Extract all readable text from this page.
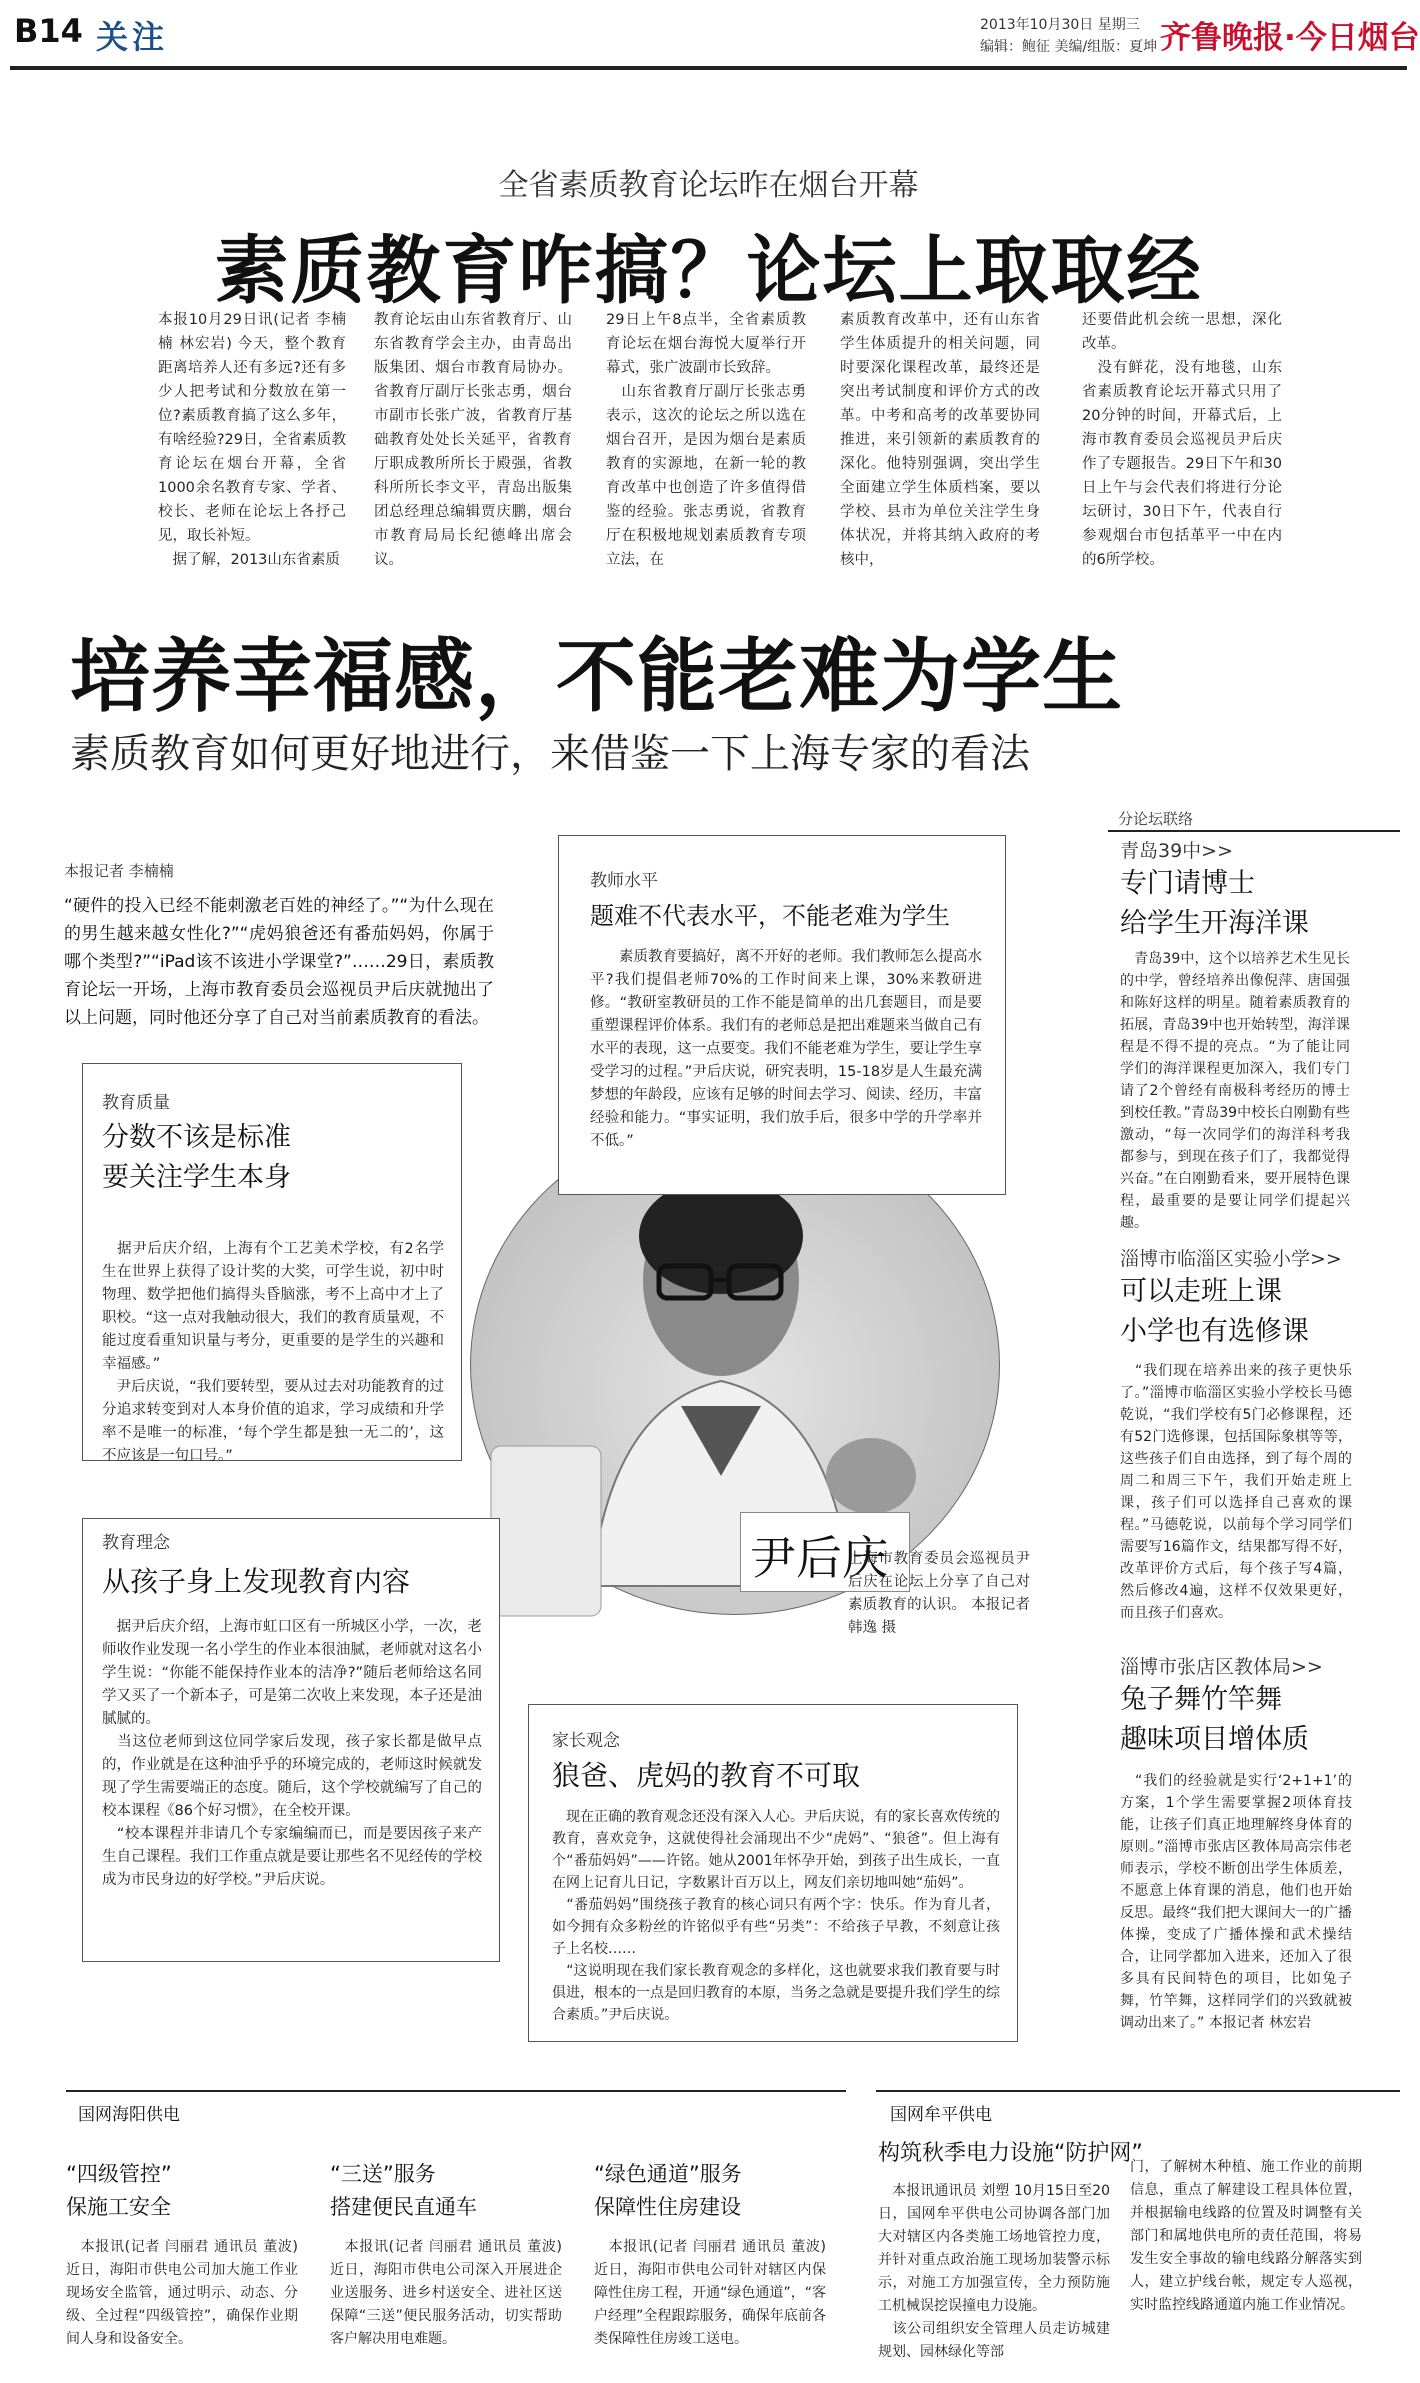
B14 关注	2013年10月30日 星期三
编辑：鲍征 美编/组版：夏坤 齐鲁晚报·今日烟台
全省素质教育论坛昨在烟台开幕
素质教育咋搞？论坛上取取经
本报10月29日讯(记者 李楠楠 林宏岩) 今天，整个教育距离培养人还有多远?还有多少人把考试和分数放在第一位?素质教育搞了这么多年，有啥经验?29日，全省素质教育论坛在烟台开幕，全省1000余名教育专家、学者、校长、老师在论坛上各抒己见，取长补短。
　据了解，2013山东省素质
教育论坛由山东省教育厅、山东省教育学会主办，由青岛出版集团、烟台市教育局协办。省教育厅副厅长张志勇，烟台市副市长张广波，省教育厅基础教育处处长关延平，省教育厅职成教所所长于殿强，省教科所所长李文平，青岛出版集团总经理总编辑贾庆鹏，烟台市教育局局长纪德峰出席会议。
29日上午8点半，全省素质教育论坛在烟台海悦大厦举行开幕式，张广波副市长致辞。
　山东省教育厅副厅长张志勇表示，这次的论坛之所以选在烟台召开，是因为烟台是素质教育的实源地，在新一轮的教育改革中也创造了许多值得借鉴的经验。张志勇说，省教育厅在积极地规划素质教育专项立法，在
素质教育改革中，还有山东省学生体质提升的相关问题，同时要深化课程改革，最终还是突出考试制度和评价方式的改革。中考和高考的改革要协同推进，来引领新的素质教育的深化。他特别强调，突出学生全面建立学生体质档案，要以学校、县市为单位关注学生身体状况，并将其纳入政府的考核中，
还要借此机会统一思想，深化改革。
　没有鲜花，没有地毯，山东省素质教育论坛开幕式只用了20分钟的时间，开幕式后，上海市教育委员会巡视员尹后庆作了专题报告。29日下午和30日上午与会代表们将进行分论坛研讨，30日下午，代表自行参观烟台市包括革平一中在内的6所学校。
培养幸福感，不能老难为学生
素质教育如何更好地进行，来借鉴一下上海专家的看法
本报记者 李楠楠
“硬件的投入已经不能刺激老百姓的神经了。”“为什么现在的男生越来越女性化?”“虎妈狼爸还有番茄妈妈，你属于哪个类型?”“iPad该不该进小学课堂?”……29日，素质教育论坛一开场，上海市教育委员会巡视员尹后庆就抛出了以上问题，同时他还分享了自己对当前素质教育的看法。
尹后庆
上海市教育委员会巡视员尹后庆在论坛上分享了自己对素质教育的认识。 本报记者 韩逸 摄
教师水平
题难不代表水平，不能老难为学生
素质教育要搞好，离不开好的老师。我们教师怎么提高水平?我们提倡老师70%的工作时间来上课，30%来教研进修。“教研室教研员的工作不能是简单的出几套题目，而是要重塑课程评价体系。我们有的老师总是把出难题来当做自己有水平的表现，这一点要变。我们不能老难为学生，要让学生享受学习的过程。”尹后庆说，研究表明，15-18岁是人生最充满梦想的年龄段，应该有足够的时间去学习、阅读、经历，丰富经验和能力。“事实证明，我们放手后，很多中学的升学率并不低。”
教育质量
分数不该是标准
要关注学生本身
　据尹后庆介绍，上海有个工艺美术学校，有2名学生在世界上获得了设计奖的大奖，可学生说，初中时物理、数学把他们搞得头昏脑涨，考不上高中才上了职校。“这一点对我触动很大，我们的教育质量观，不能过度看重知识量与考分，更重要的是学生的兴趣和幸福感。”
　尹后庆说，“我们要转型，要从过去对功能教育的过分追求转变到对人本身价值的追求，学习成绩和升学率不是唯一的标准，‘每个学生都是独一无二的’，这不应该是一句口号。”
教育理念
从孩子身上发现教育内容
　据尹后庆介绍，上海市虹口区有一所城区小学，一次，老师收作业发现一名小学生的作业本很油腻，老师就对这名小学生说：“你能不能保持作业本的洁净?”随后老师给这名同学又买了一个新本子，可是第二次收上来发现，本子还是油腻腻的。
　当这位老师到这位同学家后发现，孩子家长都是做早点的，作业就是在这种油乎乎的环境完成的，老师这时候就发现了学生需要端正的态度。随后，这个学校就编写了自己的校本课程《86个好习惯》，在全校开课。
　“校本课程并非请几个专家编编而已，而是要因孩子来产生自己课程。我们工作重点就是要让那些名不见经传的学校成为市民身边的好学校。”尹后庆说。
家长观念
狼爸、虎妈的教育不可取
　现在正确的教育观念还没有深入人心。尹后庆说，有的家长喜欢传统的教育，喜欢竞争，这就使得社会涌现出不少“虎妈”、“狼爸”。但上海有个“番茄妈妈”——许铭。她从2001年怀孕开始，到孩子出生成长，一直在网上记育儿日记，字数累计百万以上，网友们亲切地叫她“茄妈”。
　“番茄妈妈”围绕孩子教育的核心词只有两个字：快乐。作为育儿者，如今拥有众多粉丝的许铭似乎有些“另类”：不给孩子早教，不刻意让孩子上名校……
　“这说明现在我们家长教育观念的多样化，这也就要求我们教育要与时俱进，根本的一点是回归教育的本原，当务之急就是要提升我们学生的综合素质。”尹后庆说。
分论坛联络
青岛39中>>
专门请博士
给学生开海洋课
　青岛39中，这个以培养艺术生见长的中学，曾经培养出像倪萍、唐国强和陈好这样的明星。随着素质教育的拓展，青岛39中也开始转型，海洋课程是不得不提的亮点。“为了能让同学们的海洋课程更加深入，我们专门请了2个曾经有南极科考经历的博士到校任教。”青岛39中校长白刚勤有些激动，“每一次同学们的海洋科考我都参与，到现在孩子们了，我都觉得兴奋。”在白刚勤看来，要开展特色课程，最重要的是要让同学们提起兴趣。
淄博市临淄区实验小学>>
可以走班上课
小学也有选修课
　“我们现在培养出来的孩子更快乐了。”淄博市临淄区实验小学校长马德乾说，“我们学校有5门必修课程，还有52门选修课，包括国际象棋等等，这些孩子们自由选择，到了每个周的周二和周三下午，我们开始走班上课，孩子们可以选择自己喜欢的课程。”马德乾说，以前每个学习同学们需要写16篇作文，结果都写得不好，改革评价方式后，每个孩子写4篇，然后修改4遍，这样不仅效果更好，而且孩子们喜欢。
淄博市张店区教体局>>
兔子舞竹竿舞
趣味项目增体质
　“我们的经验就是实行‘2+1+1’的方案，1个学生需要掌握2项体育技能，让孩子们真正地理解终身体育的原则。”淄博市张店区教体局高宗伟老师表示，学校不断创出学生体质差，不愿意上体育课的消息，他们也开始反思。最终“我们把大课间大一的广播体操，变成了广播体操和武术操结合，让同学都加入进来，还加入了很多具有民间特色的项目，比如兔子舞，竹竿舞，这样同学们的兴致就被调动出来了。” 本报记者 林宏岩
国网海阳供电
“四级管控”
保施工安全
　本报讯(记者 闫丽君 通讯员 董波) 近日，海阳市供电公司加大施工作业现场安全监管，通过明示、动态、分级、全过程“四级管控”，确保作业期间人身和设备安全。
“三送”服务
搭建便民直通车
　本报讯(记者 闫丽君 通讯员 董波) 近日，海阳市供电公司深入开展进企业送服务、进乡村送安全、进社区送保障“三送”便民服务活动，切实帮助客户解决用电难题。
“绿色通道”服务
保障性住房建设
　本报讯(记者 闫丽君 通讯员 董波) 近日，海阳市供电公司针对辖区内保障性住房工程，开通“绿色通道”，“客户经理”全程跟踪服务，确保年底前各类保障性住房竣工送电。
国网牟平供电
构筑秋季电力设施“防护网”
　本报讯通讯员 刘塑 10月15日至20日，国网牟平供电公司协调各部门加大对辖区内各类施工场地管控力度，并针对重点政治施工现场加装警示标示，对施工方加强宣传，全力预防施工机械误挖误撞电力设施。
　该公司组织安全管理人员走访城建规划、园林绿化等部
门，了解树木种植、施工作业的前期信息，重点了解建设工程具体位置，并根据输电线路的位置及时调整有关部门和属地供电所的责任范围，将易发生安全事故的输电线路分解落实到人，建立护线台帐，规定专人巡视，实时监控线路通道内施工作业情况。
